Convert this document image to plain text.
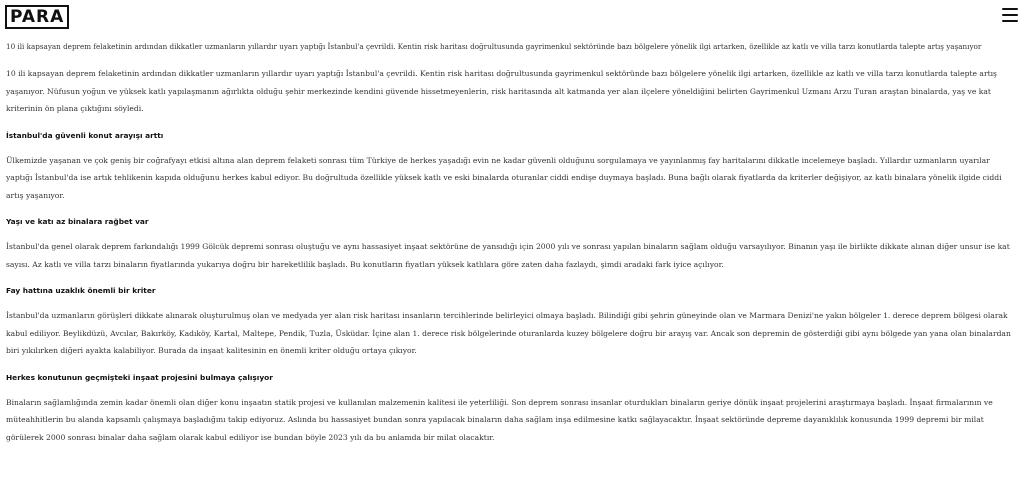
PARA

10 ili kapsayan deprem felaketinin ardından dikkatler uzmanların yıllardır uyarı yaptığı İstanbul'a çevrildi. Kentin risk haritası doğrultusunda gayrimenkul sektöründe bazı bölgelere yönelik ilgi artarken, özellikle az katlı ve villa tarzı konutlarda talepte artış yaşanıyor

10 ili kapsayan deprem felaketinin ardından dikkatler uzmanların yıllardır uyarı yaptığı İstanbul'a çevrildi. Kentin risk haritası doğrultusunda gayrimenkul sektöründe bazı bölgelere yönelik ilgi artarken, özellikle az katlı ve villa tarzı konutlarda talepte artış yaşanıyor. Nüfusun yoğun ve yüksek katlı yapılaşmanın ağırlıkta olduğu şehir merkezinde kendini güvende hissetmeyenlerin, risk haritasında alt katmanda yer alan ilçelere yöneldiğini belirten Gayrimenkul Uzmanı Arzu Turan araştan binalarda, yaş ve kat kriterinin ön plana çıktığını söyledi.

İstanbul'da güvenli konut arayışı arttı

Ülkemizde yaşanan ve çok geniş bir coğrafyayı etkisi altına alan deprem felaketi sonrası tüm Türkiye de herkes yaşadığı evin ne kadar güvenli olduğunu sorgulamaya ve yayınlanmış fay haritalarını dikkatle incelemeye başladı. Yıllardır uzmanların uyarılar yaptığı İstanbul'da ise artık tehlikenin kapıda olduğunu herkes kabul ediyor. Bu doğrultuda özellikle yüksek katlı ve eski binalarda oturanlar ciddi endişe duymaya başladı. Buna bağlı olarak fiyatlarda da kriterler değişiyor, az katlı binalara yönelik ilgide ciddi artış yaşanıyor.

Yaşı ve katı az binalara rağbet var

İstanbul'da genel olarak deprem farkındalığı 1999 Gölcük depremi sonrası oluştuğu ve aynı hassasiyet inşaat sektörüne de yansıdığı için 2000 yılı ve sonrası yapılan binaların sağlam olduğu varsayılıyor. Binanın yaşı ile birlikte dikkate alınan diğer unsur ise kat sayısı. Az katlı ve villa tarzı binaların fiyatlarında yukarıya doğru bir hareketlilik başladı. Bu konutların fiyatları yüksek katlılara göre zaten daha fazlaydı, şimdi aradaki fark iyice açılıyor.

Fay hattına uzaklık önemli bir kriter

İstanbul'da uzmanların görüşleri dikkate alınarak oluşturulmuş olan ve medyada yer alan risk haritası insanların tercihlerinde belirleyici olmaya başladı. Bilindiği gibi şehrin güneyinde olan ve Marmara Denizi'ne yakın bölgeler 1. derece deprem bölgesi olarak kabul ediliyor. Beylikdüzü, Avcılar, Bakırköy, Kadıköy, Kartal, Maltepe, Pendik, Tuzla, Üsküdar. İçine alan 1. derece risk bölgelerinde oturanlarda kuzey bölgelere doğru bir arayış var. Ancak son depremin de gösterdiği gibi aynı bölgede yan yana olan binalardan biri yıkılırken diğeri ayakta kalabiliyor. Burada da inşaat kalitesinin en önemli kriter olduğu ortaya çıkıyor.

Herkes konutunun geçmişteki inşaat projesini bulmaya çalışıyor

Binaların sağlamlığında zemin kadar önemli olan diğer konu inşaatın statik projesi ve kullanılan malzemenin kalitesi ile yeterliliği. Son deprem sonrası insanlar oturdukları binaların geriye dönük inşaat projelerini araştırmaya başladı. İnşaat firmalarının ve müteahhitlerin bu alanda kapsamlı çalışmaya başladığını takip ediyoruz. Aslında bu hassasiyet bundan sonra yapılacak binaların daha sağlam inşa edilmesine katkı sağlayacaktır. İnşaat sektöründe depreme dayanıklılık konusunda 1999 depremi bir milat görülerek 2000 sonrası binalar daha sağlam olarak kabul ediliyor ise bundan böyle 2023 yılı da bu anlamda bir milat olacaktır.
